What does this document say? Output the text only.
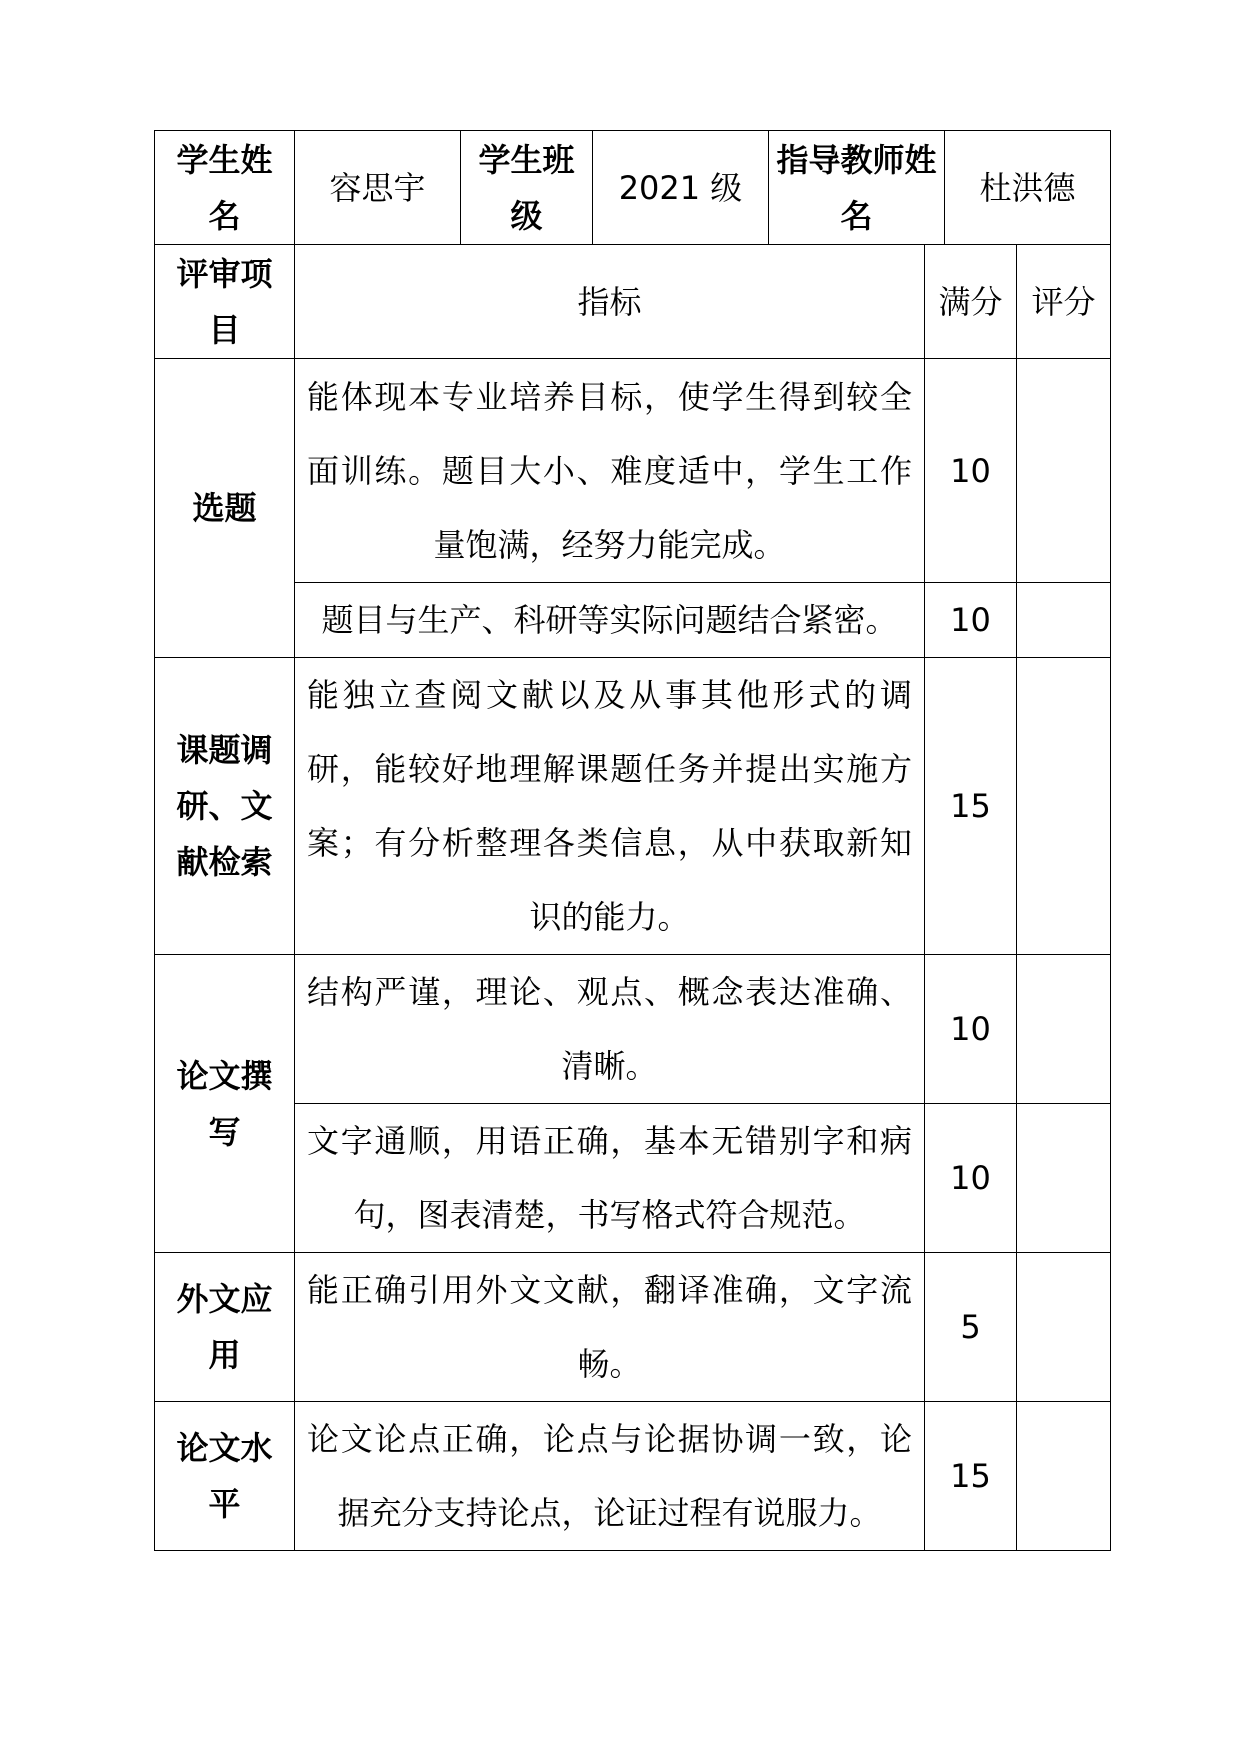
学生姓名	容思宇	学生班级	2021 级	指导教师姓名	杜洪德
评审项目	指标	满分	评分
选题	能体现本专业培养目标，使学生得到较全面训练。题目大小、难度适中，学生工作量饱满，经努力能完成。	10	
	题目与生产、科研等实际问题结合紧密。	10	
课题调研、文献检索	能独立查阅文献以及从事其他形式的调研，能较好地理解课题任务并提出实施方案；有分析整理各类信息，从中获取新知识的能力。	15	
论文撰写	结构严谨，理论、观点、概念表达准确、清晰。	10	
	文字通顺，用语正确，基本无错别字和病句，图表清楚，书写格式符合规范。	10	
外文应用	能正确引用外文文献，翻译准确，文字流畅。	5	
论文水平	论文论点正确，论点与论据协调一致，论据充分支持论点，论证过程有说服力。	15	
